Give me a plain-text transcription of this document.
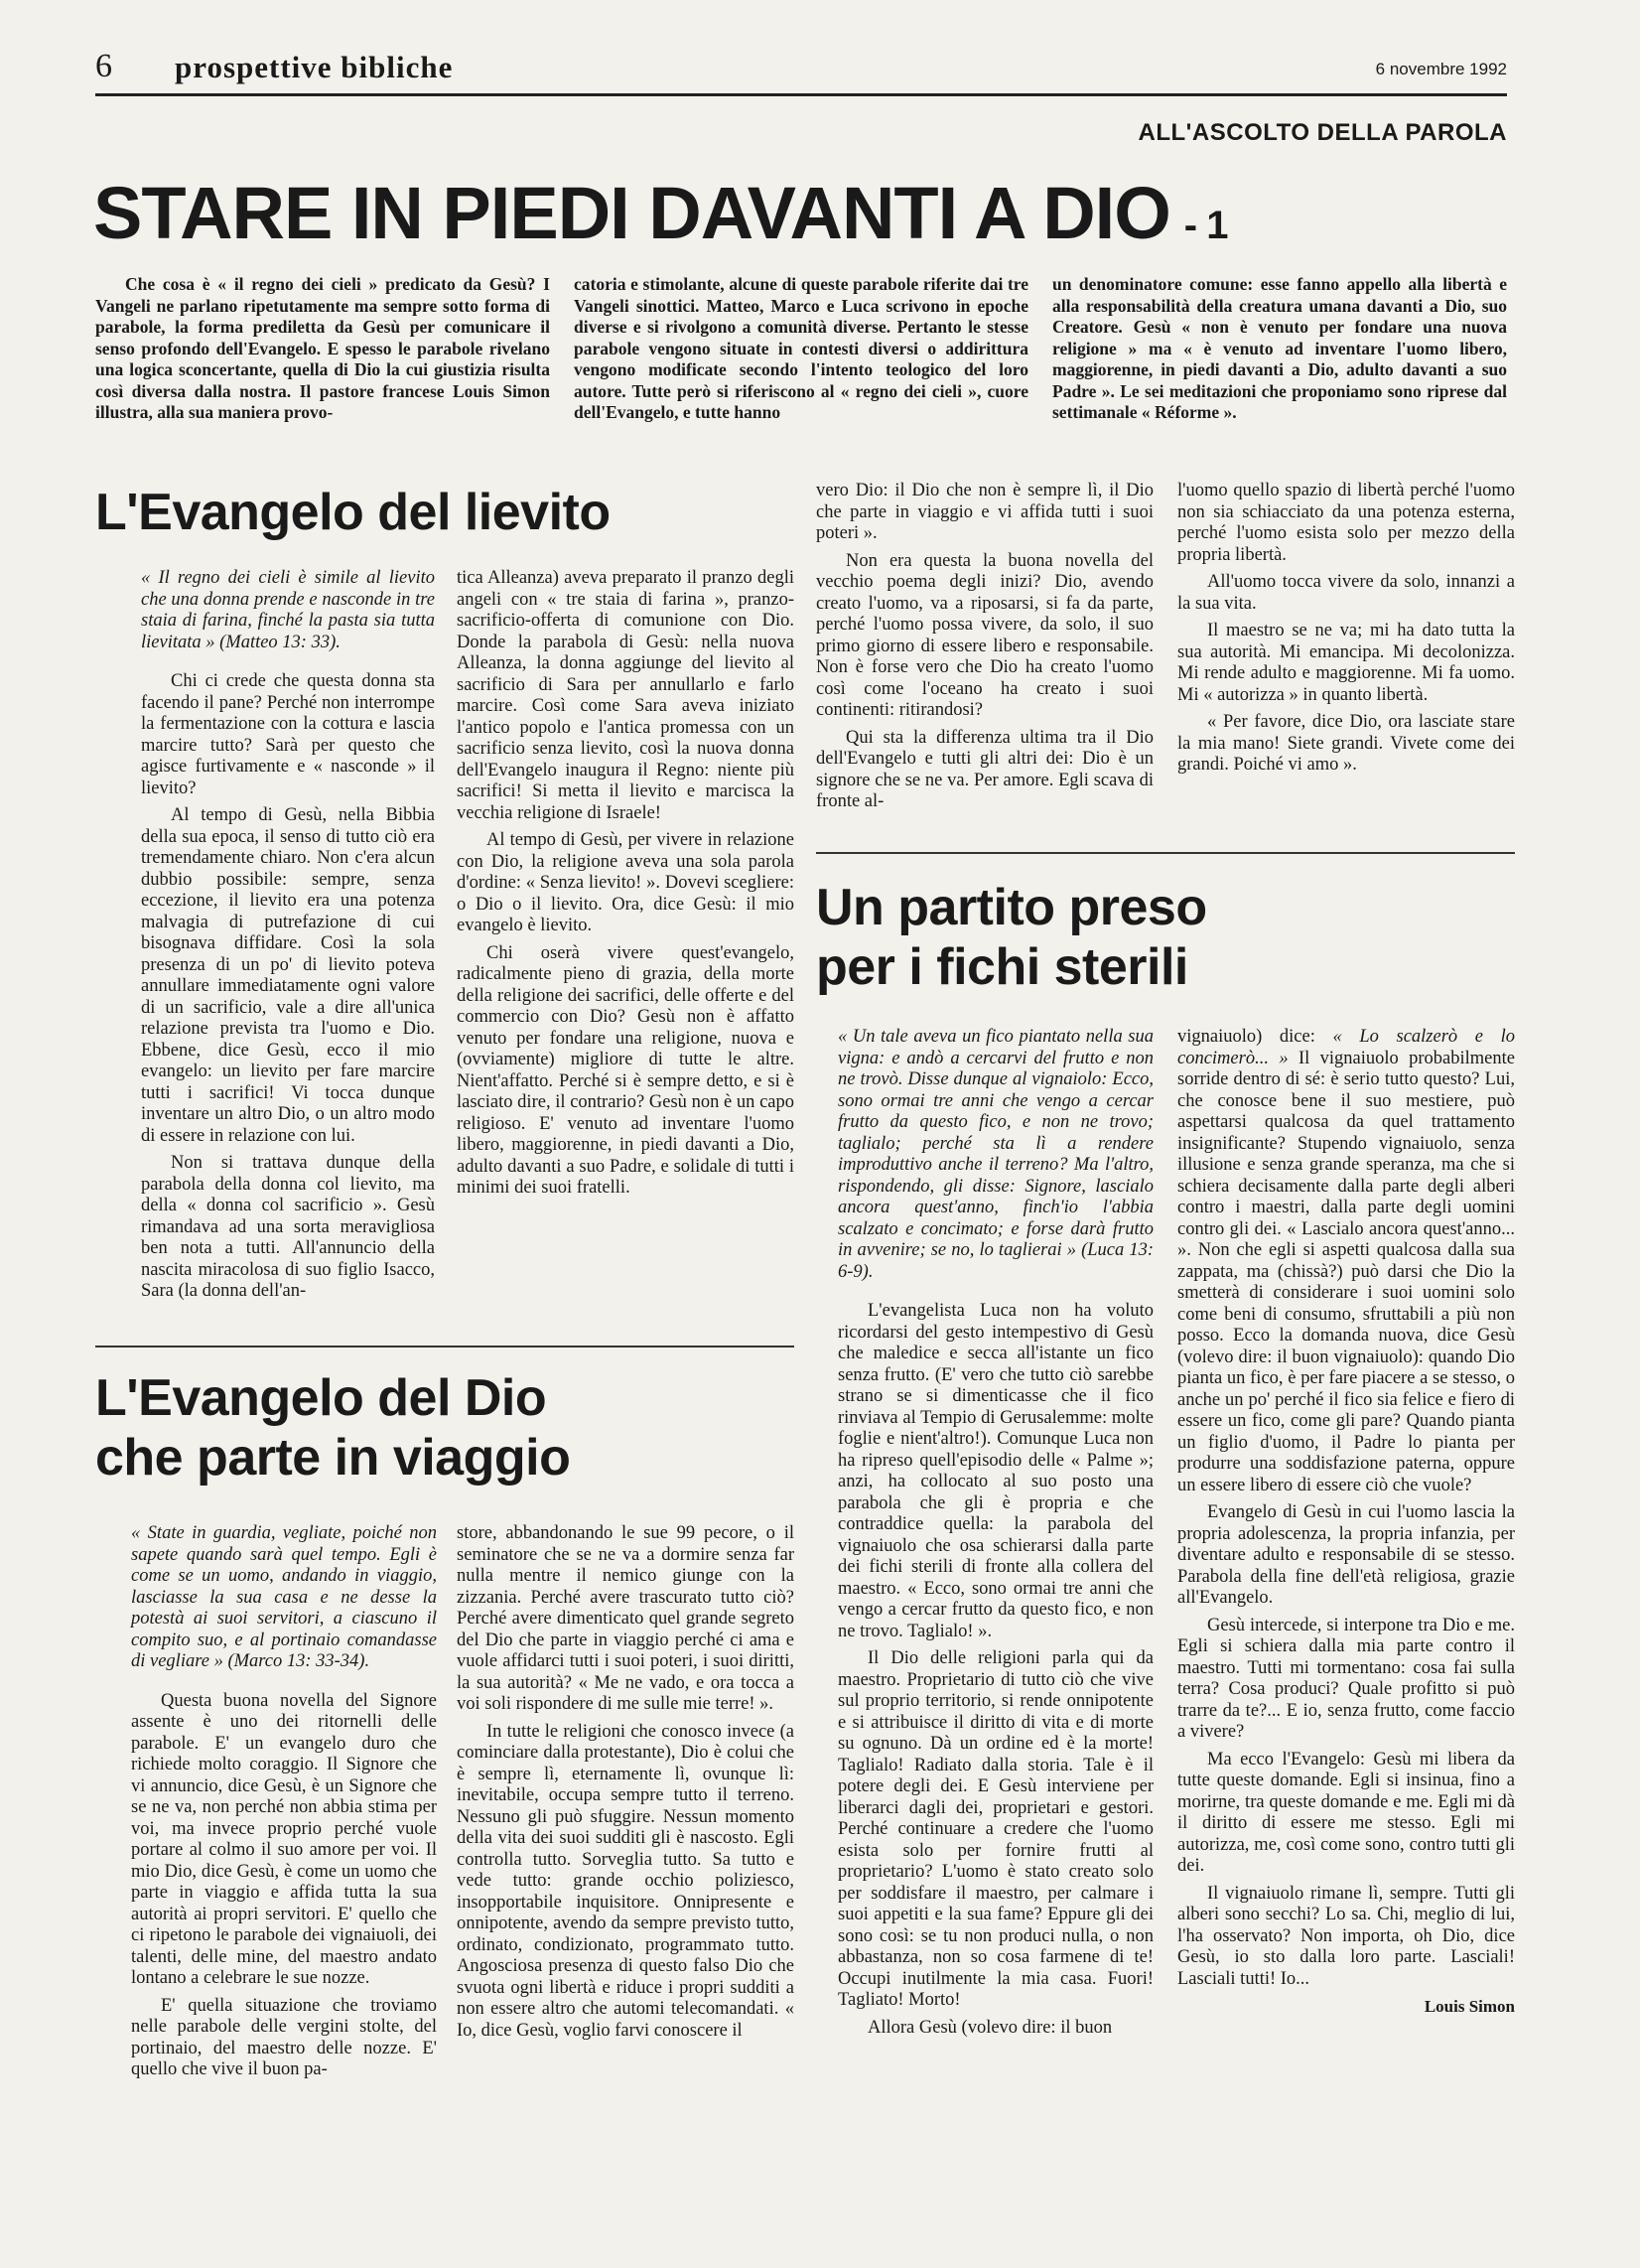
6 prospettive bibliche	6 novembre 1992
ALL'ASCOLTO DELLA PAROLA
STARE IN PIEDI DAVANTI A DIO - 1

Che cosa è « il regno dei cieli » predicato da Gesù? I Vangeli ne parlano ripetutamente ma sempre sotto forma di parabole, la forma prediletta da Gesù per comunicare il senso profondo dell'Evangelo. E spesso le parabole rivelano una logica sconcertante, quella di Dio la cui giustizia risulta così diversa dalla nostra. Il pastore francese Louis Simon illustra, alla sua maniera provo-

catoria e stimolante, alcune di queste parabole riferite dai tre Vangeli sinottici. Matteo, Marco e Luca scrivono in epoche diverse e si rivolgono a comunità diverse. Pertanto le stesse parabole vengono situate in contesti diversi o addirittura vengono modificate secondo l'intento teologico del loro autore. Tutte però si riferiscono al « regno dei cieli », cuore dell'Evangelo, e tutte hanno

un denominatore comune: esse fanno appello alla libertà e alla responsabilità della creatura umana davanti a Dio, suo Creatore. Gesù « non è venuto per fondare una nuova religione » ma « è venuto ad inventare l'uomo libero, maggiorenne, in piedi davanti a Dio, adulto davanti a suo Padre ». Le sei meditazioni che proponiamo sono riprese dal settimanale « Réforme ».

L'Evangelo del lievito

« Il regno dei cieli è simile al lievito che una donna prende e nasconde in tre staia di farina, finché la pasta sia tutta lievitata » (Matteo 13: 33).

Chi ci crede che questa donna sta facendo il pane? Perché non interrompe la fermentazione con la cottura e lascia marcire tutto? Sarà per questo che agisce furtivamente e « nasconde » il lievito?

Al tempo di Gesù, nella Bibbia della sua epoca, il senso di tutto ciò era tremendamente chiaro. Non c'era alcun dubbio possibile: sempre, senza eccezione, il lievito era una potenza malvagia di putrefazione di cui bisognava diffidare. Così la sola presenza di un po' di lievito poteva annullare immediatamente ogni valore di un sacrificio, vale a dire all'unica relazione prevista tra l'uomo e Dio. Ebbene, dice Gesù, ecco il mio evangelo: un lievito per fare marcire tutti i sacrifici! Vi tocca dunque inventare un altro Dio, o un altro modo di essere in relazione con lui.

Non si trattava dunque della parabola della donna col lievito, ma della « donna col sacrificio ». Gesù rimandava ad una sorta meravigliosa ben nota a tutti. All'annuncio della nascita miracolosa di suo figlio Isacco, Sara (la donna dell'an-

tica Alleanza) aveva preparato il pranzo degli angeli con « tre staia di farina », pranzo-sacrificio-offerta di comunione con Dio. Donde la parabola di Gesù: nella nuova Alleanza, la donna aggiunge del lievito al sacrificio di Sara per annullarlo e farlo marcire. Così come Sara aveva iniziato l'antico popolo e l'antica promessa con un sacrificio senza lievito, così la nuova donna dell'Evangelo inaugura il Regno: niente più sacrifici! Si metta il lievito e marcisca la vecchia religione di Israele!

Al tempo di Gesù, per vivere in relazione con Dio, la religione aveva una sola parola d'ordine: « Senza lievito! ». Dovevi scegliere: o Dio o il lievito. Ora, dice Gesù: il mio evangelo è lievito.

Chi oserà vivere quest'evangelo, radicalmente pieno di grazia, della morte della religione dei sacrifici, delle offerte e del commercio con Dio? Gesù non è affatto venuto per fondare una religione, nuova e (ovviamente) migliore di tutte le altre. Nient'affatto. Perché si è sempre detto, e si è lasciato dire, il contrario? Gesù non è un capo religioso. E' venuto ad inventare l'uomo libero, maggiorenne, in piedi davanti a Dio, adulto davanti a suo Padre, e solidale di tutti i minimi dei suoi fratelli.

vero Dio: il Dio che non è sempre lì, il Dio che parte in viaggio e vi affida tutti i suoi poteri ».

Non era questa la buona novella del vecchio poema degli inizi? Dio, avendo creato l'uomo, va a riposarsi, si fa da parte, perché l'uomo possa vivere, da solo, il suo primo giorno di essere libero e responsabile. Non è forse vero che Dio ha creato l'uomo così come l'oceano ha creato i suoi continenti: ritirandosi?

Qui sta la differenza ultima tra il Dio dell'Evangelo e tutti gli altri dei: Dio è un signore che se ne va. Per amore. Egli scava di fronte al-

l'uomo quello spazio di libertà perché l'uomo non sia schiacciato da una potenza esterna, perché l'uomo esista solo per mezzo della propria libertà.

All'uomo tocca vivere da solo, innanzi a la sua vita.

Il maestro se ne va; mi ha dato tutta la sua autorità. Mi emancipa. Mi decolonizza. Mi rende adulto e maggiorenne. Mi fa uomo. Mi « autorizza » in quanto libertà.

« Per favore, dice Dio, ora lasciate stare la mia mano! Siete grandi. Vivete come dei grandi. Poiché vi amo ».

L'Evangelo del Dio
che parte in viaggio

« State in guardia, vegliate, poiché non sapete quando sarà quel tempo. Egli è come se un uomo, andando in viaggio, lasciasse la sua casa e ne desse la potestà ai suoi servitori, a ciascuno il compito suo, e al portinaio comandasse di vegliare » (Marco 13: 33-34).

Questa buona novella del Signore assente è uno dei ritornelli delle parabole. E' un evangelo duro che richiede molto coraggio. Il Signore che vi annuncio, dice Gesù, è un Signore che se ne va, non perché non abbia stima per voi, ma invece proprio perché vuole portare al colmo il suo amore per voi. Il mio Dio, dice Gesù, è come un uomo che parte in viaggio e affida tutta la sua autorità ai propri servitori. E' quello che ci ripetono le parabole dei vignaiuoli, dei talenti, delle mine, del maestro andato lontano a celebrare le sue nozze.

E' quella situazione che troviamo nelle parabole delle vergini stolte, del portinaio, del maestro delle nozze. E' quello che vive il buon pa-

store, abbandonando le sue 99 pecore, o il seminatore che se ne va a dormire senza far nulla mentre il nemico giunge con la zizzania. Perché avere trascurato tutto ciò? Perché avere dimenticato quel grande segreto del Dio che parte in viaggio perché ci ama e vuole affidarci tutti i suoi poteri, i suoi diritti, la sua autorità? « Me ne vado, e ora tocca a voi soli rispondere di me sulle mie terre! ».

In tutte le religioni che conosco invece (a cominciare dalla protestante), Dio è colui che è sempre lì, eternamente lì, ovunque lì: inevitabile, occupa sempre tutto il terreno. Nessuno gli può sfuggire. Nessun momento della vita dei suoi sudditi gli è nascosto. Egli controlla tutto. Sorveglia tutto. Sa tutto e vede tutto: grande occhio poliziesco, insopportabile inquisitore. Onnipresente e onnipotente, avendo da sempre previsto tutto, ordinato, condizionato, programmato tutto. Angosciosa presenza di questo falso Dio che svuota ogni libertà e riduce i propri sudditi a non essere altro che automi telecomandati. « Io, dice Gesù, voglio farvi conoscere il

Un partito preso
per i fichi sterili

« Un tale aveva un fico piantato nella sua vigna: e andò a cercarvi del frutto e non ne trovò. Disse dunque al vignaiolo: Ecco, sono ormai tre anni che vengo a cercar frutto da questo fico, e non ne trovo; taglialo; perché sta lì a rendere improduttivo anche il terreno? Ma l'altro, rispondendo, gli disse: Signore, lascialo ancora quest'anno, finch'io l'abbia scalzato e concimato; e forse darà frutto in avvenire; se no, lo taglierai » (Luca 13: 6-9).

L'evangelista Luca non ha voluto ricordarsi del gesto intempestivo di Gesù che maledice e secca all'istante un fico senza frutto. (E' vero che tutto ciò sarebbe strano se si dimenticasse che il fico rinviava al Tempio di Gerusalemme: molte foglie e nient'altro!). Comunque Luca non ha ripreso quell'episodio delle « Palme »; anzi, ha collocato al suo posto una parabola che gli è propria e che contraddice quella: la parabola del vignaiuolo che osa schierarsi dalla parte dei fichi sterili di fronte alla collera del maestro. « Ecco, sono ormai tre anni che vengo a cercar frutto da questo fico, e non ne trovo. Taglialo! ».

Il Dio delle religioni parla qui da maestro. Proprietario di tutto ciò che vive sul proprio territorio, si rende onnipotente e si attribuisce il diritto di vita e di morte su ognuno. Dà un ordine ed è la morte! Taglialo! Radiato dalla storia. Tale è il potere degli dei. E Gesù interviene per liberarci dagli dei, proprietari e gestori. Perché continuare a credere che l'uomo esista solo per fornire frutti al proprietario? L'uomo è stato creato solo per soddisfare il maestro, per calmare i suoi appetiti e la sua fame? Eppure gli dei sono così: se tu non produci nulla, o non abbastanza, non so cosa farmene di te! Occupi inutilmente la mia casa. Fuori! Tagliato! Morto!

Allora Gesù (volevo dire: il buon

vignaiuolo) dice: « Lo scalzerò e lo concimerò... » Il vignaiuolo probabilmente sorride dentro di sé: è serio tutto questo? Lui, che conosce bene il suo mestiere, può aspettarsi qualcosa da quel trattamento insignificante? Stupendo vignaiuolo, senza illusione e senza grande speranza, ma che si schiera decisamente dalla parte degli alberi contro i maestri, dalla parte degli uomini contro gli dei. « Lascialo ancora quest'anno... ». Non che egli si aspetti qualcosa dalla sua zappata, ma (chissà?) può darsi che Dio la smetterà di considerare i suoi uomini solo come beni di consumo, sfruttabili a più non posso. Ecco la domanda nuova, dice Gesù (volevo dire: il buon vignaiuolo): quando Dio pianta un fico, è per fare piacere a se stesso, o anche un po' perché il fico sia felice e fiero di essere un fico, come gli pare? Quando pianta un figlio d'uomo, il Padre lo pianta per produrre una soddisfazione paterna, oppure un essere libero di essere ciò che vuole?

Evangelo di Gesù in cui l'uomo lascia la propria adolescenza, la propria infanzia, per diventare adulto e responsabile di se stesso. Parabola della fine dell'età religiosa, grazie all'Evangelo.

Gesù intercede, si interpone tra Dio e me. Egli si schiera dalla mia parte contro il maestro. Tutti mi tormentano: cosa fai sulla terra? Cosa produci? Quale profitto si può trarre da te?... E io, senza frutto, come faccio a vivere?

Ma ecco l'Evangelo: Gesù mi libera da tutte queste domande. Egli si insinua, fino a morirne, tra queste domande e me. Egli mi dà il diritto di essere me stesso. Egli mi autorizza, me, così come sono, contro tutti gli dei.

Il vignaiuolo rimane lì, sempre. Tutti gli alberi sono secchi? Lo sa. Chi, meglio di lui, l'ha osservato? Non importa, oh Dio, dice Gesù, io sto dalla loro parte. Lasciali! Lasciali tutti! Io...

Louis Simon
